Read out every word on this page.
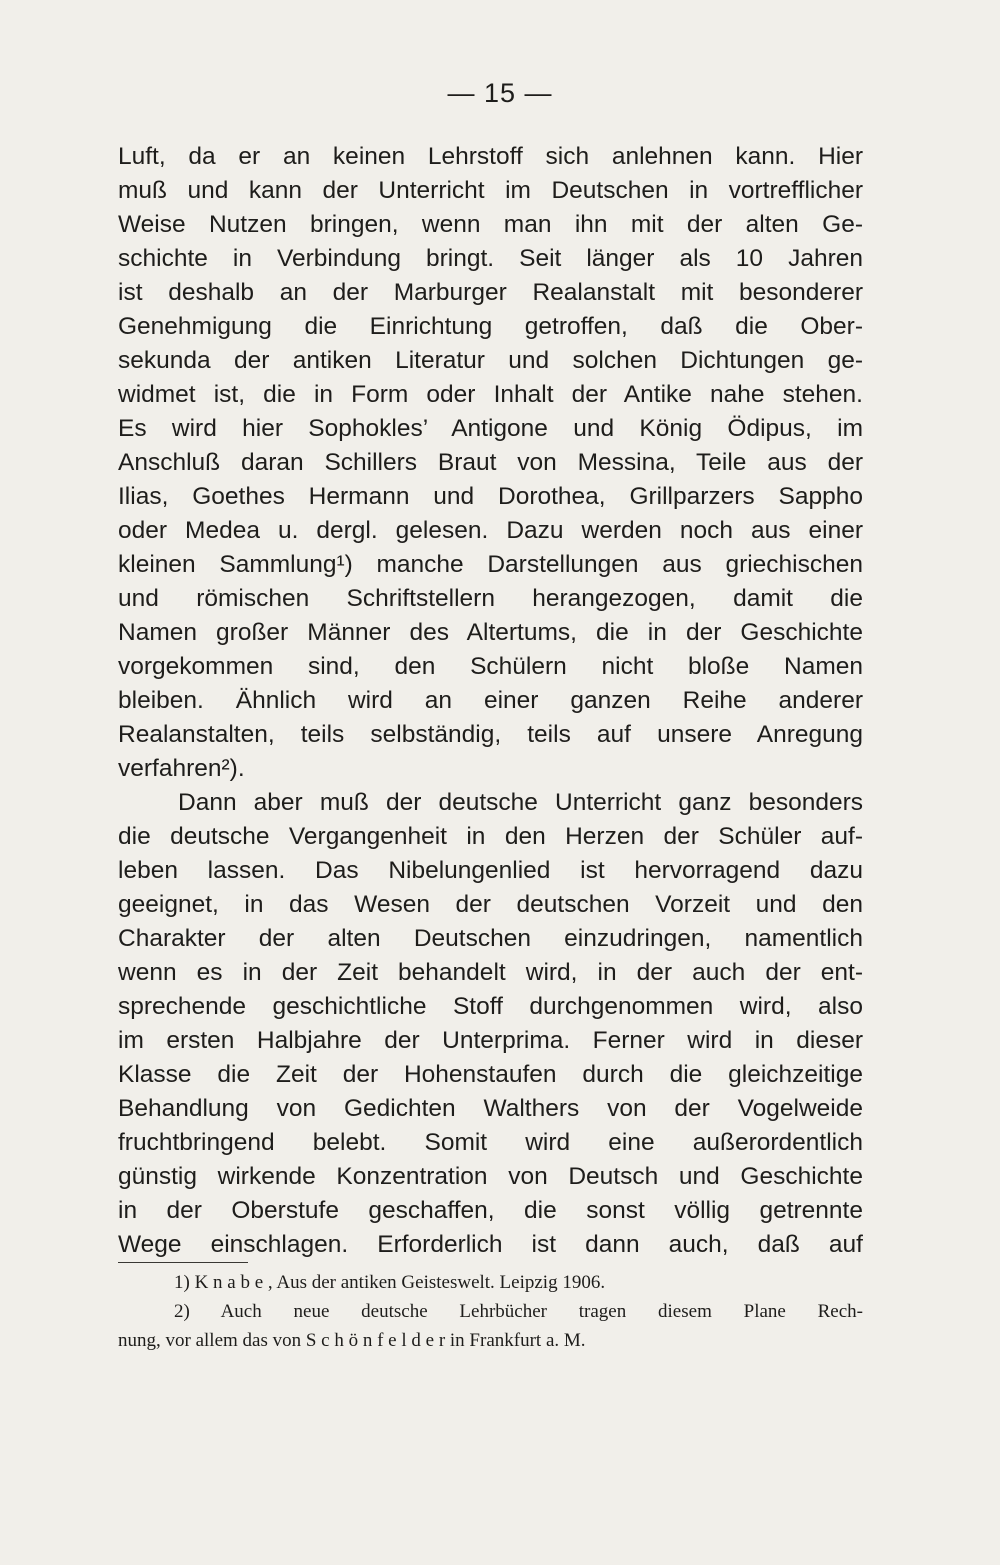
— 15 —
Luft, da er an keinen Lehrstoff sich anlehnen kann. Hier
muß und kann der Unterricht im Deutschen in vortrefflicher
Weise Nutzen bringen, wenn man ihn mit der alten Ge-
schichte in Verbindung bringt. Seit länger als 10 Jahren
ist deshalb an der Marburger Realanstalt mit besonderer
Genehmigung die Einrichtung getroffen, daß die Ober-
sekunda der antiken Literatur und solchen Dichtungen ge-
widmet ist, die in Form oder Inhalt der Antike nahe stehen.
Es wird hier Sophokles’ Antigone und König Ödipus, im
Anschluß daran Schillers Braut von Messina, Teile aus der
Ilias, Goethes Hermann und Dorothea, Grillparzers Sappho
oder Medea u. dergl. gelesen. Dazu werden noch aus einer
kleinen Sammlung¹) manche Darstellungen aus griechischen
und römischen Schriftstellern herangezogen, damit die
Namen großer Männer des Altertums, die in der Geschichte
vorgekommen sind, den Schülern nicht bloße Namen
bleiben. Ähnlich wird an einer ganzen Reihe anderer
Realanstalten, teils selbständig, teils auf unsere Anregung
verfahren²).
Dann aber muß der deutsche Unterricht ganz besonders
die deutsche Vergangenheit in den Herzen der Schüler auf-
leben lassen. Das Nibelungenlied ist hervorragend dazu
geeignet, in das Wesen der deutschen Vorzeit und den
Charakter der alten Deutschen einzudringen, namentlich
wenn es in der Zeit behandelt wird, in der auch der ent-
sprechende geschichtliche Stoff durchgenommen wird, also
im ersten Halbjahre der Unterprima. Ferner wird in dieser
Klasse die Zeit der Hohenstaufen durch die gleichzeitige
Behandlung von Gedichten Walthers von der Vogelweide
fruchtbringend belebt. Somit wird eine außerordentlich
günstig wirkende Konzentration von Deutsch und Geschichte
in der Oberstufe geschaffen, die sonst völlig getrennte
Wege einschlagen. Erforderlich ist dann auch, daß auf
1) K n a b e , Aus der antiken Geisteswelt. Leipzig 1906.
2) Auch neue deutsche Lehrbücher tragen diesem Plane Rech-
nung, vor allem das von S c h ö n f e l d e r in Frankfurt a. M.
